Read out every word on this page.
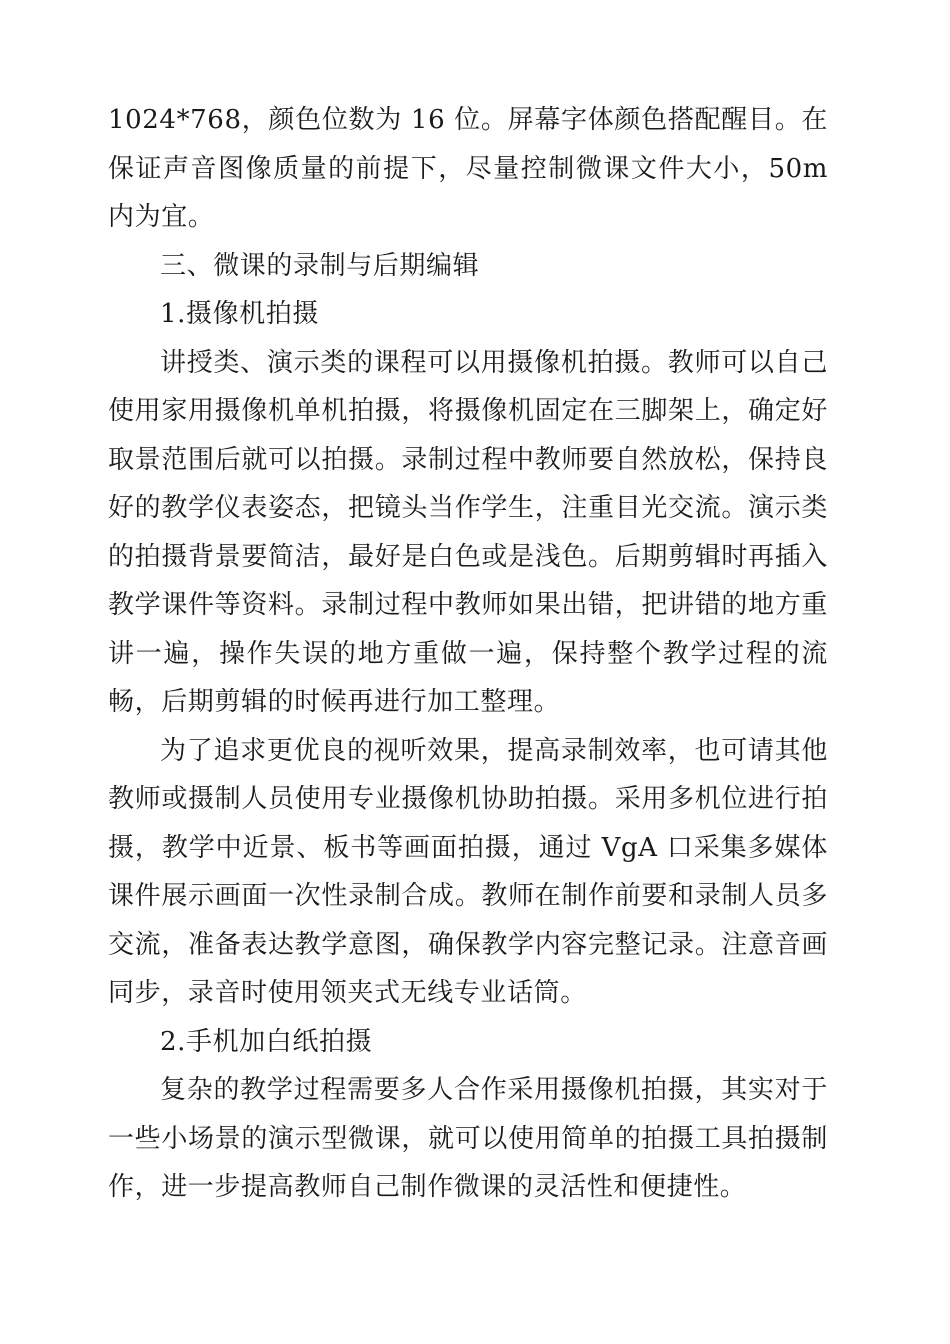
1024*768，颜色位数为 16 位。屏幕字体颜色搭配醒目。在保证声音图像质量的前提下，尽量控制微课文件大小，50m 内为宜。

三、微课的录制与后期编辑

1.摄像机拍摄

讲授类、演示类的课程可以用摄像机拍摄。教师可以自己使用家用摄像机单机拍摄，将摄像机固定在三脚架上，确定好取景范围后就可以拍摄。录制过程中教师要自然放松，保持良好的教学仪表姿态，把镜头当作学生，注重目光交流。演示类的拍摄背景要简洁，最好是白色或是浅色。后期剪辑时再插入教学课件等资料。录制过程中教师如果出错，把讲错的地方重讲一遍，操作失误的地方重做一遍，保持整个教学过程的流畅，后期剪辑的时候再进行加工整理。

为了追求更优良的视听效果，提高录制效率，也可请其他教师或摄制人员使用专业摄像机协助拍摄。采用多机位进行拍摄，教学中近景、板书等画面拍摄，通过 VgA 口采集多媒体课件展示画面一次性录制合成。教师在制作前要和录制人员多交流，准备表达教学意图，确保教学内容完整记录。注意音画同步，录音时使用领夹式无线专业话筒。

2.手机加白纸拍摄

复杂的教学过程需要多人合作采用摄像机拍摄，其实对于一些小场景的演示型微课，就可以使用简单的拍摄工具拍摄制作，进一步提高教师自己制作微课的灵活性和便捷性。
